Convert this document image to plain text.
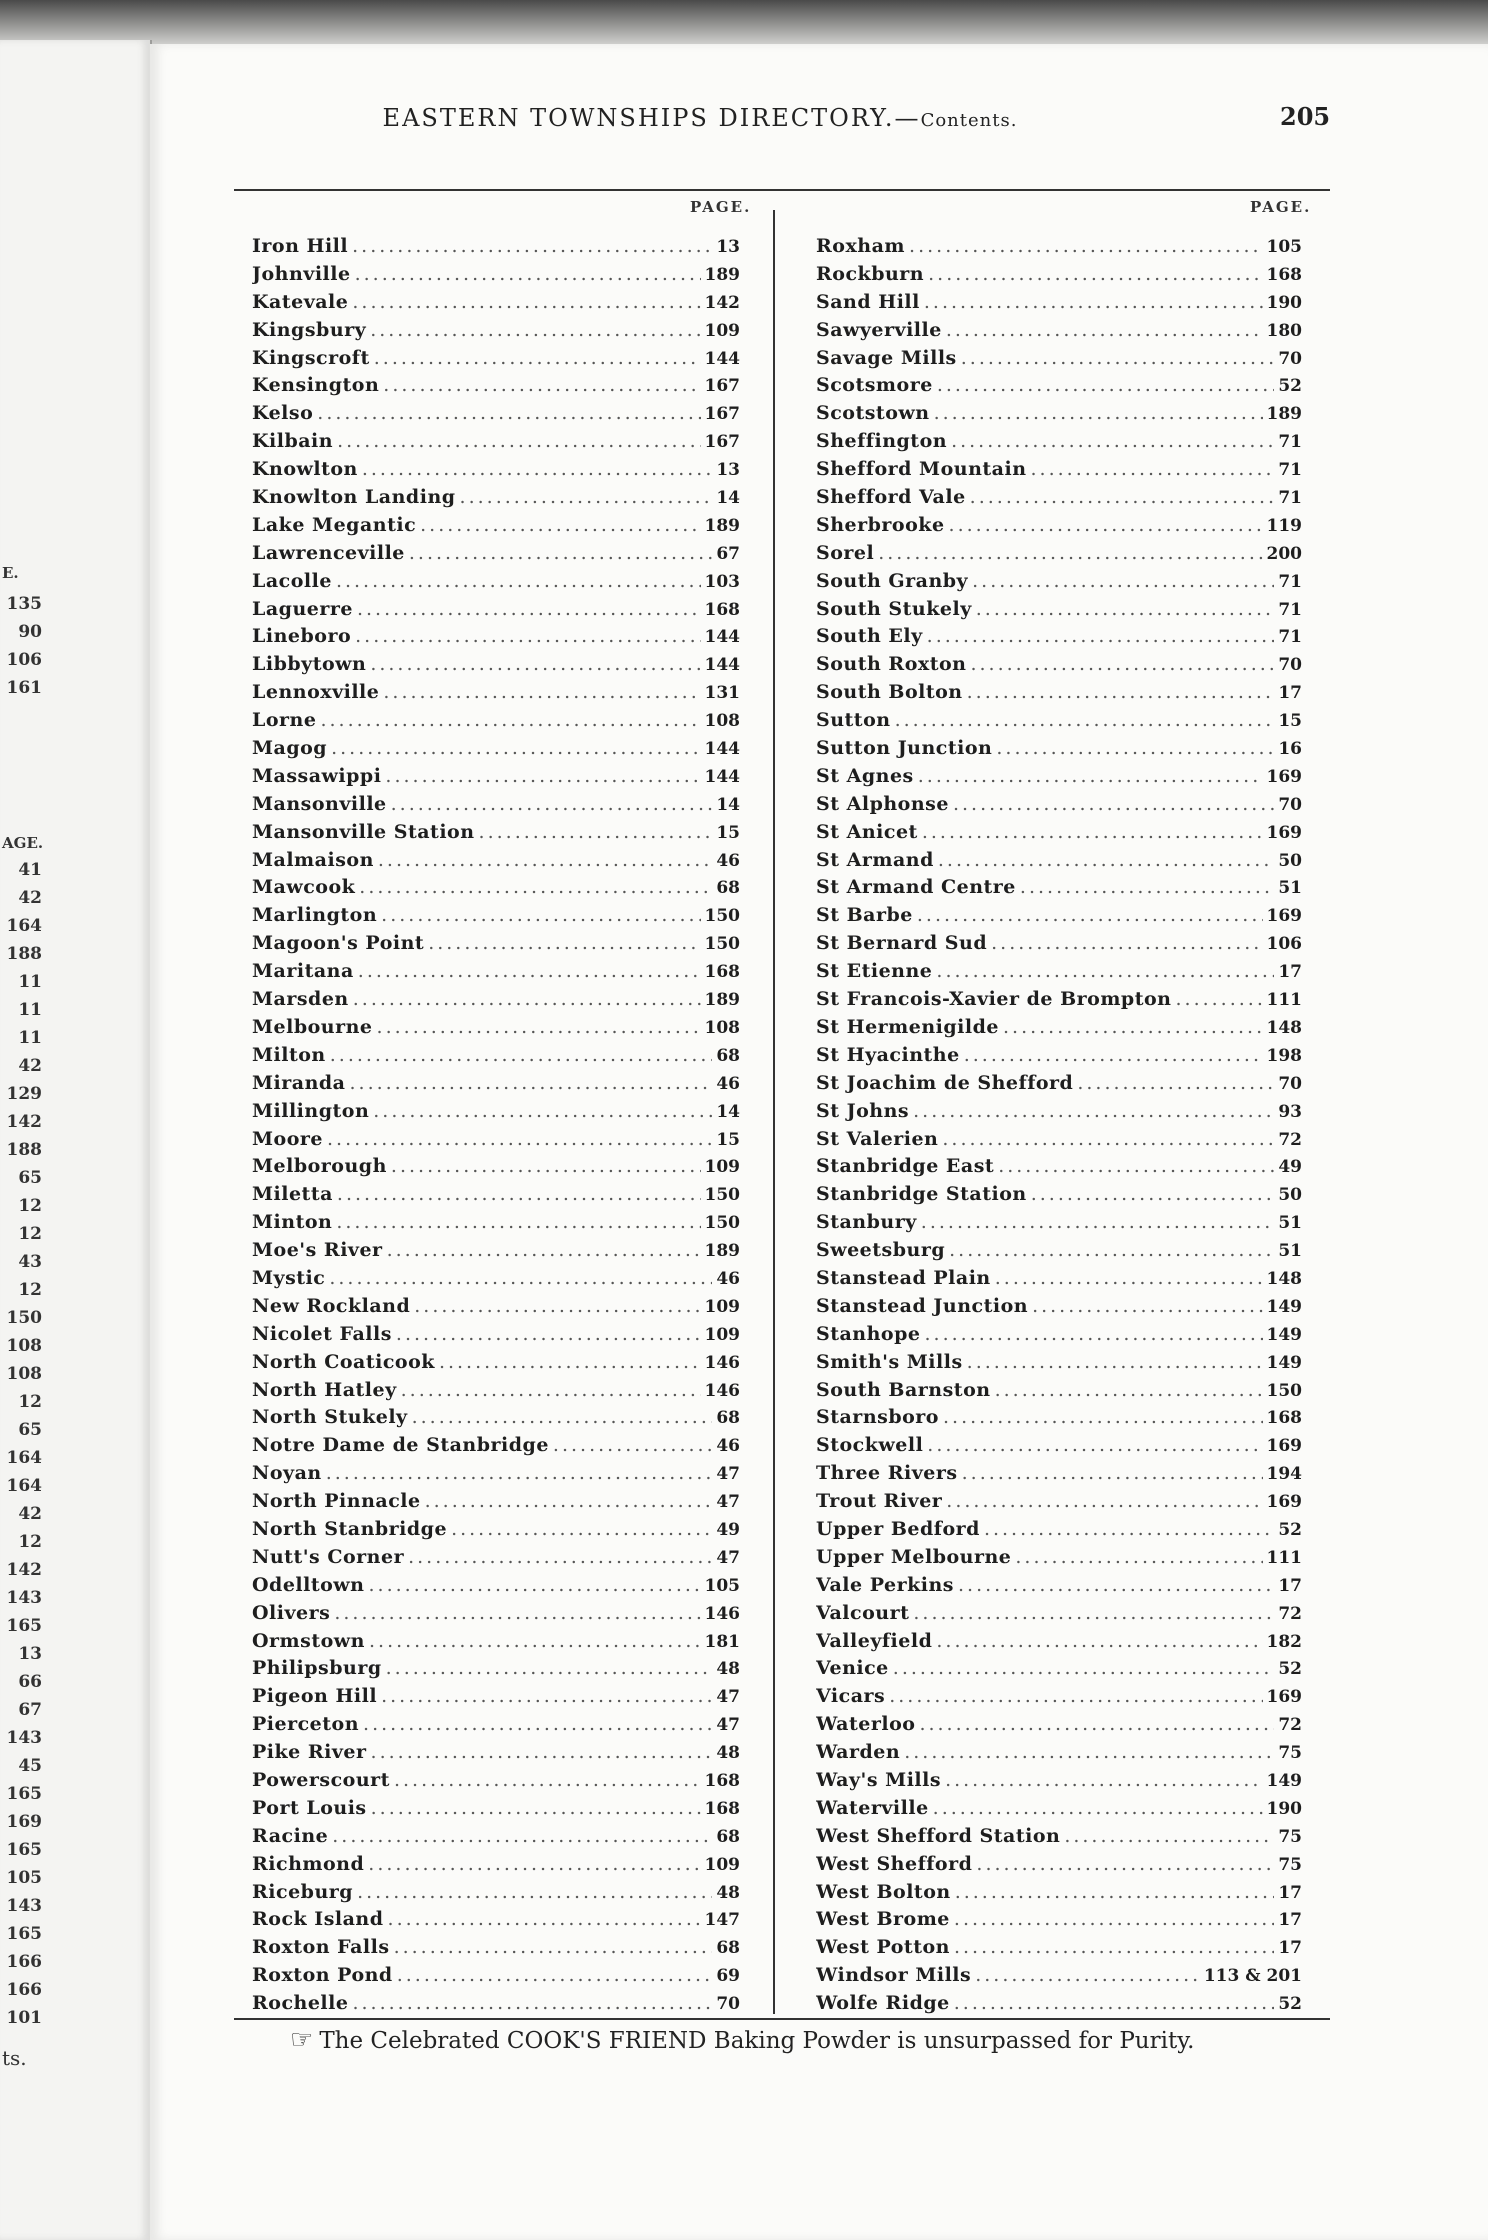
E.
135
90
106
161
AGE.
41
42
164
188
11
11
11
42
129
142
188
65
12
12
43
12
150
108
108
12
65
164
164
42
12
142
143
165
13
66
67
143
45
165
169
165
105
143
165
166
166
101
ts.
EASTERN TOWNSHIPS DIRECTORY.—Contents.	205
PAGE.	PAGE.
Iron Hill .....	13
Johnville .....	189
Katevale .....	142
Kingsbury .....	109
Kingscroft .....	144
Kensington .....	167
Kelso .....	167
Kilbain .....	167
Knowlton .....	13
Knowlton Landing .....	14
Lake Megantic .....	189
Lawrenceville .....	67
Lacolle .....	103
Laguerre .....	168
Lineboro .....	144
Libbytown .....	144
Lennoxville .....	131
Lorne .....	108
Magog .....	144
Massawippi .....	144
Mansonville .....	14
Mansonville Station .....	15
Malmaison .....	46
Mawcook .....	68
Marlington .....	150
Magoon's Point .....	150
Maritana .....	168
Marsden .....	189
Melbourne .....	108
Milton .....	68
Miranda .....	46
Millington .....	14
Moore .....	15
Melborough .....	109
Miletta .....	150
Minton .....	150
Moe's River .....	189
Mystic .....	46
New Rockland .....	109
Nicolet Falls .....	109
North Coaticook .....	146
North Hatley .....	146
North Stukely .....	68
Notre Dame de Stanbridge .....	46
Noyan .....	47
North Pinnacle .....	47
North Stanbridge .....	49
Nutt's Corner .....	47
Odelltown .....	105
Olivers .....	146
Ormstown .....	181
Philipsburg .....	48
Pigeon Hill .....	47
Pierceton .....	47
Pike River .....	48
Powerscourt .....	168
Port Louis .....	168
Racine .....	68
Richmond .....	109
Riceburg .....	48
Rock Island .....	147
Roxton Falls .....	68
Roxton Pond .....	69
Rochelle .....	70
Roxham .....	105
Rockburn .....	168
Sand Hill .....	190
Sawyerville .....	180
Savage Mills .....	70
Scotsmore .....	52
Scotstown .....	189
Sheffington .....	71
Shefford Mountain .....	71
Shefford Vale .....	71
Sherbrooke .....	119
Sorel .....	200
South Granby .....	71
South Stukely .....	71
South Ely .....	71
South Roxton .....	70
South Bolton .....	17
Sutton .....	15
Sutton Junction .....	16
St Agnes .....	169
St Alphonse .....	70
St Anicet .....	169
St Armand .....	50
St Armand Centre .....	51
St Barbe .....	169
St Bernard Sud .....	106
St Etienne .....	17
St Francois-Xavier de Brompton .....	111
St Hermenigilde .....	148
St Hyacinthe .....	198
St Joachim de Shefford .....	70
St Johns .....	93
St Valerien .....	72
Stanbridge East .....	49
Stanbridge Station .....	50
Stanbury .....	51
Sweetsburg .....	51
Stanstead Plain .....	148
Stanstead Junction .....	149
Stanhope .....	149
Smith's Mills .....	149
South Barnston .....	150
Starnsboro .....	168
Stockwell .....	169
Three Rivers .....	194
Trout River .....	169
Upper Bedford .....	52
Upper Melbourne .....	111
Vale Perkins .....	17
Valcourt .....	72
Valleyfield .....	182
Venice .....	52
Vicars .....	169
Waterloo .....	72
Warden .....	75
Way's Mills .....	149
Waterville .....	190
West Shefford Station .....	75
West Shefford .....	75
West Bolton .....	17
West Brome .....	17
West Potton .....	17
Windsor Mills .....	113 & 201
Wolfe Ridge .....	52
☞ The Celebrated COOK'S FRIEND Baking Powder is unsurpassed for Purity.
